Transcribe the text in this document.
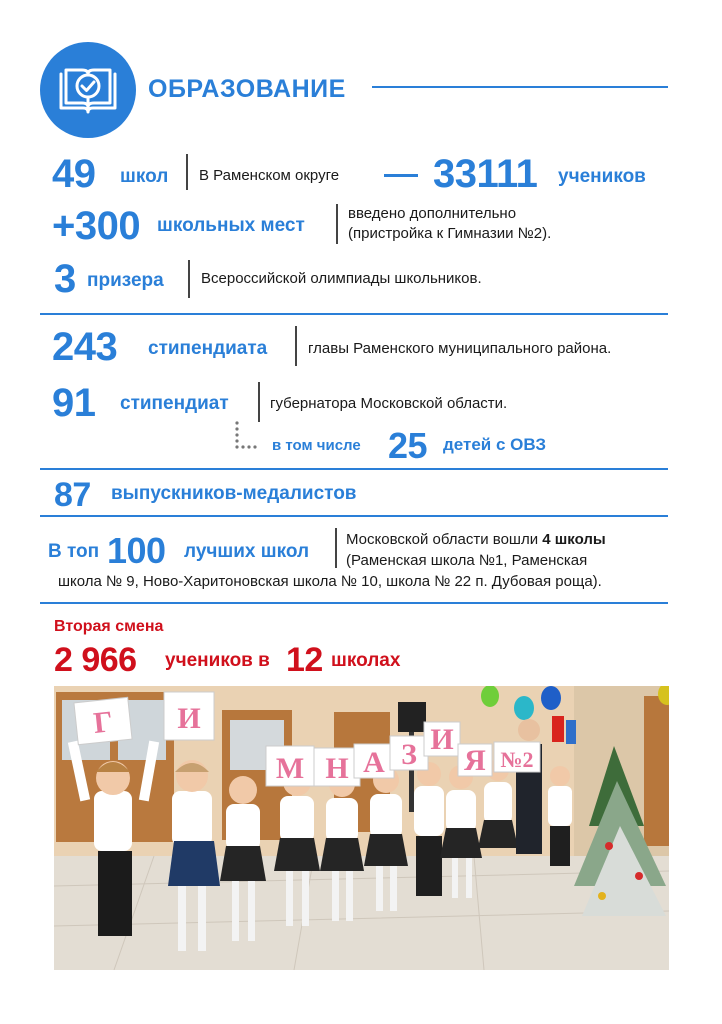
ОБРАЗОВАНИЕ
49 школ В Раменском округе 33111 учеников
+300 школьных мест
введено дополнительно
(пристройка к Гимназии №2).
3 призера Всероссийской олимпиады школьников.
243 стипендиата	главы Раменского муниципального района.
91 стипендиат	губернатора Московской области.
в том числе 25 детей с ОВЗ
87 выпускников-медалистов
В топ 100 лучших школ
Московской области вошли 4 школы
(Раменская школа №1, Раменская
школа № 9, Ново-Харитоновская школа № 10, школа № 22 п. Дубовая роща).
Вторая смена
2 966 учеников в 12 школах
Г И
М Н А З И
Я №2
